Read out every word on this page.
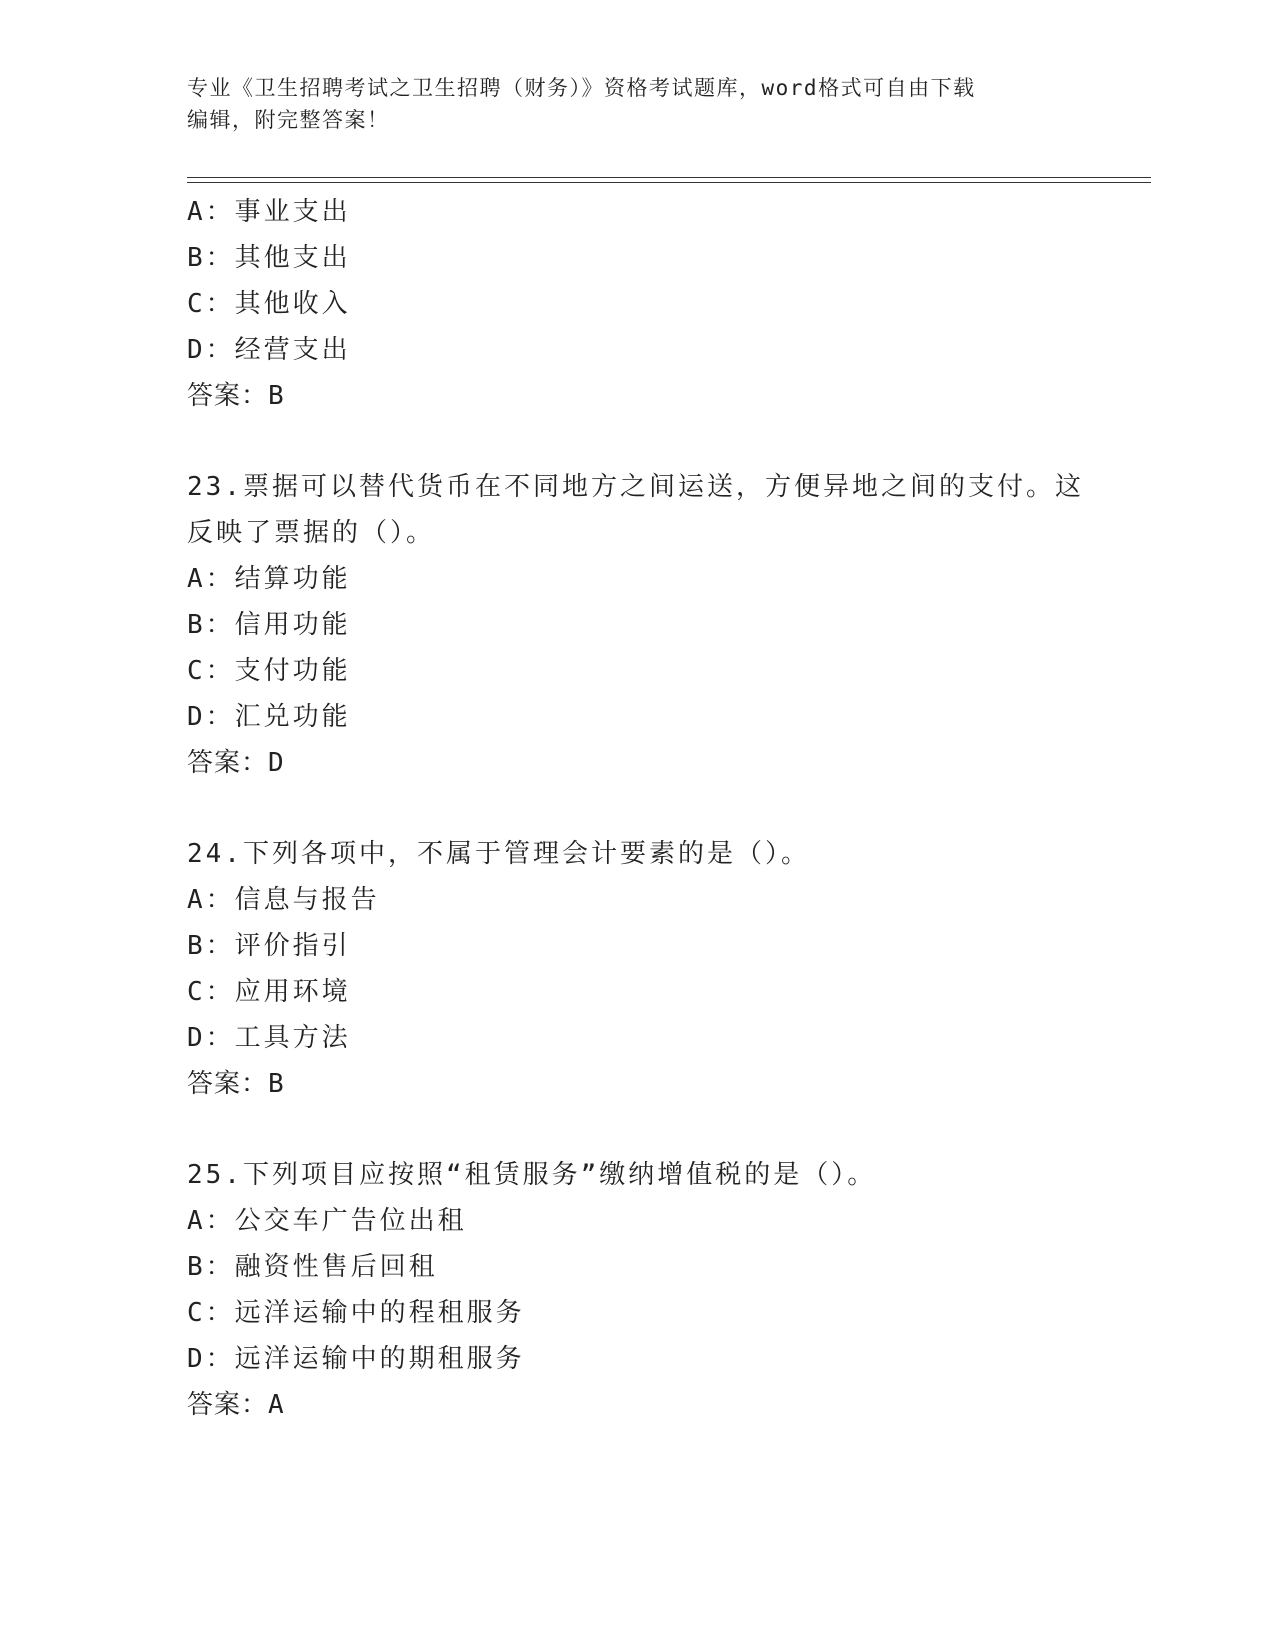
专业《卫生招聘考试之卫生招聘（财务）》资格考试题库，word格式可自由下载
编辑，附完整答案！
A：事业支出
B：其他支出
C：其他收入
D：经营支出
答案：B
23.票据可以替代货币在不同地方之间运送，方便异地之间的支付。这
反映了票据的（）。
A：结算功能
B：信用功能
C：支付功能
D：汇兑功能
答案：D
24.下列各项中，不属于管理会计要素的是（）。
A：信息与报告
B：评价指引
C：应用环境
D：工具方法
答案：B
25.下列项目应按照“租赁服务”缴纳增值税的是（）。
A：公交车广告位出租
B：融资性售后回租
C：远洋运输中的程租服务
D：远洋运输中的期租服务
答案：A
